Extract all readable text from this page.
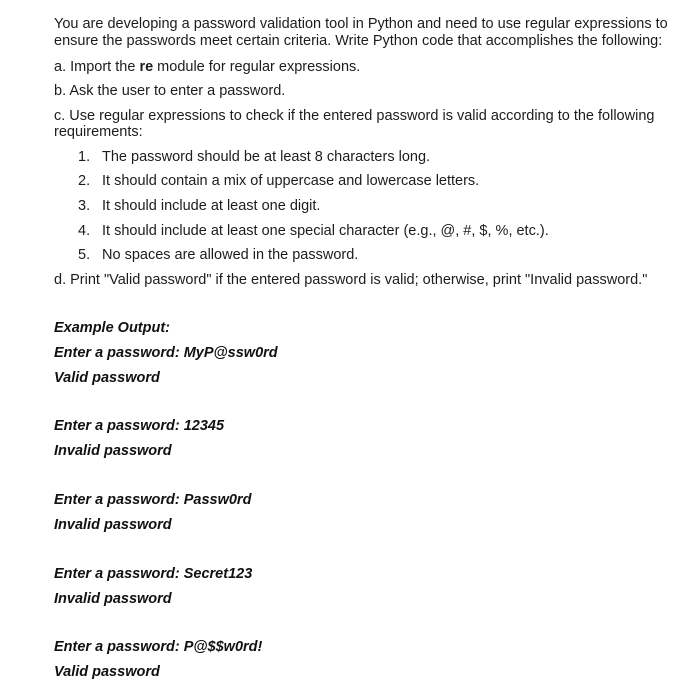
You are developing a password validation tool in Python and need to use regular expressions to
ensure the passwords meet certain criteria. Write Python code that accomplishes the following:
a. Import the re module for regular expressions.
b. Ask the user to enter a password.
c. Use regular expressions to check if the entered password is valid according to the following
requirements:
1. The password should be at least 8 characters long.
2. It should contain a mix of uppercase and lowercase letters.
3. It should include at least one digit.
4. It should include at least one special character (e.g., @, #, $, %, etc.).
5. No spaces are allowed in the password.
d. Print "Valid password" if the entered password is valid; otherwise, print "Invalid password."
Example Output:
Enter a password: MyP@ssw0rd
Valid password
Enter a password: 12345
Invalid password
Enter a password: Passw0rd
Invalid password
Enter a password: Secret123
Invalid password
Enter a password: P@$$w0rd!
Valid password
